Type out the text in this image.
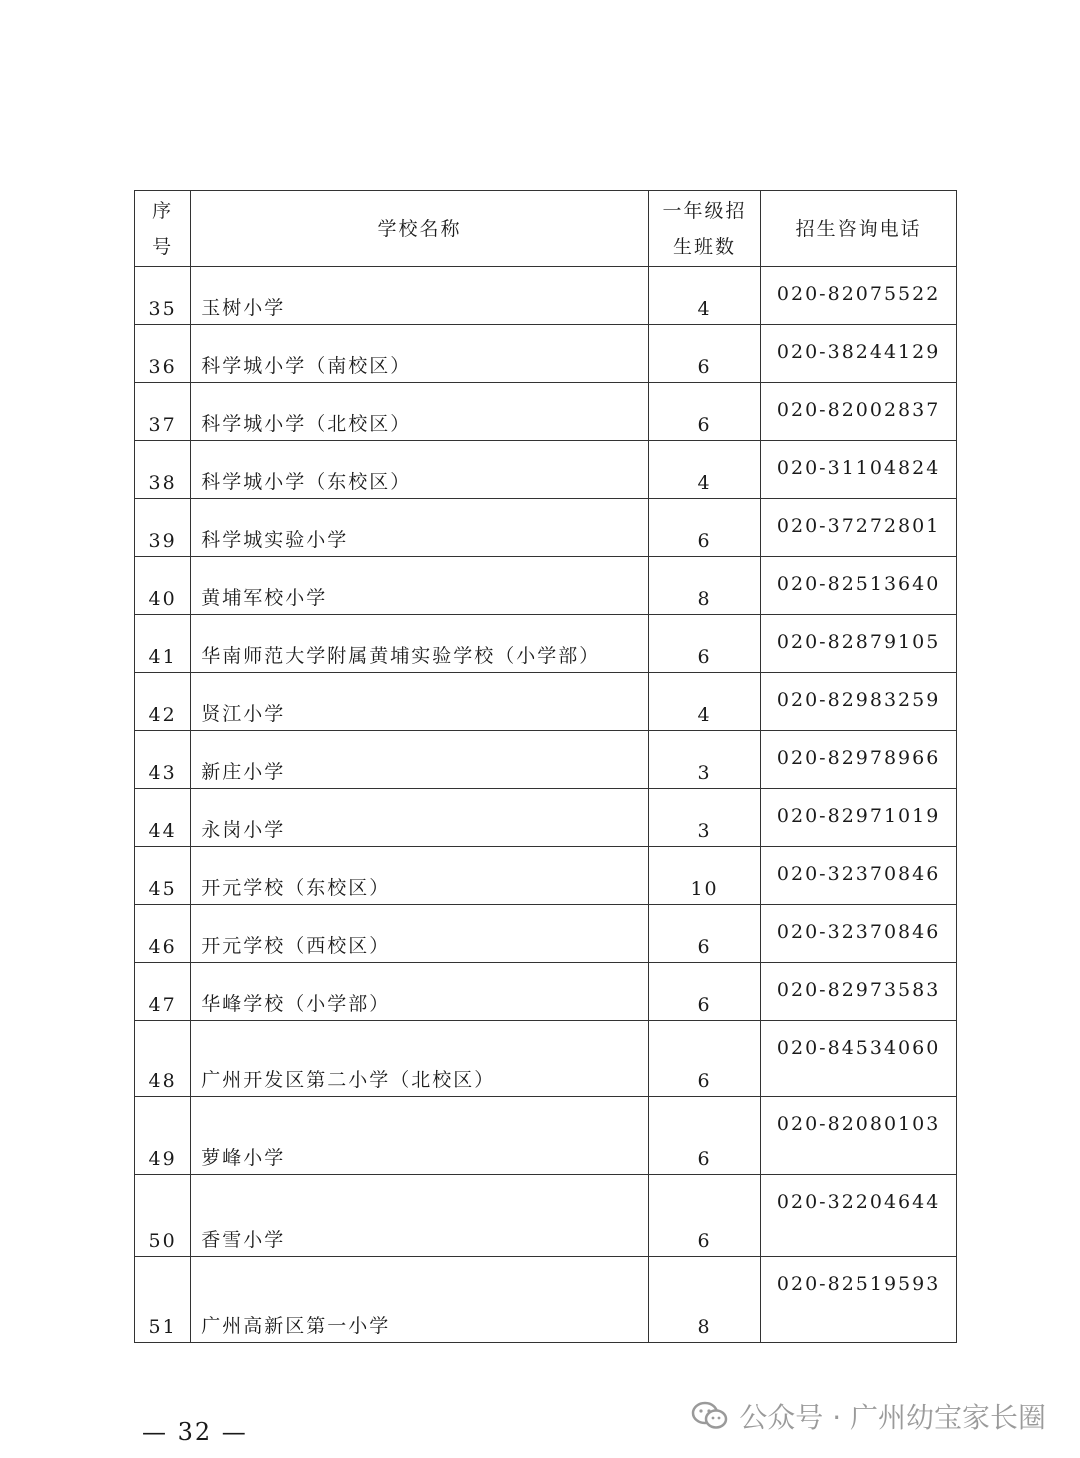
序号	学校名称	一年级招生班数	招生咨询电话
35	玉树小学	4	020-82075522
36	科学城小学（南校区）	6	020-38244129
37	科学城小学（北校区）	6	020-82002837
38	科学城小学（东校区）	4	020-31104824
39	科学城实验小学	6	020-37272801
40	黄埔军校小学	8	020-82513640
41	华南师范大学附属黄埔实验学校（小学部）	6	020-82879105
42	贤江小学	4	020-82983259
43	新庄小学	3	020-82978966
44	永岗小学	3	020-82971019
45	开元学校（东校区）	10	020-32370846
46	开元学校（西校区）	6	020-32370846
47	华峰学校（小学部）	6	020-82973583
48	广州开发区第二小学（北校区）	6	020-84534060
49	萝峰小学	6	020-82080103
50	香雪小学	6	020-32204644
51	广州高新区第一小学	8	020-82519593
— 32 —	公众号 · 广州幼宝家长圈
